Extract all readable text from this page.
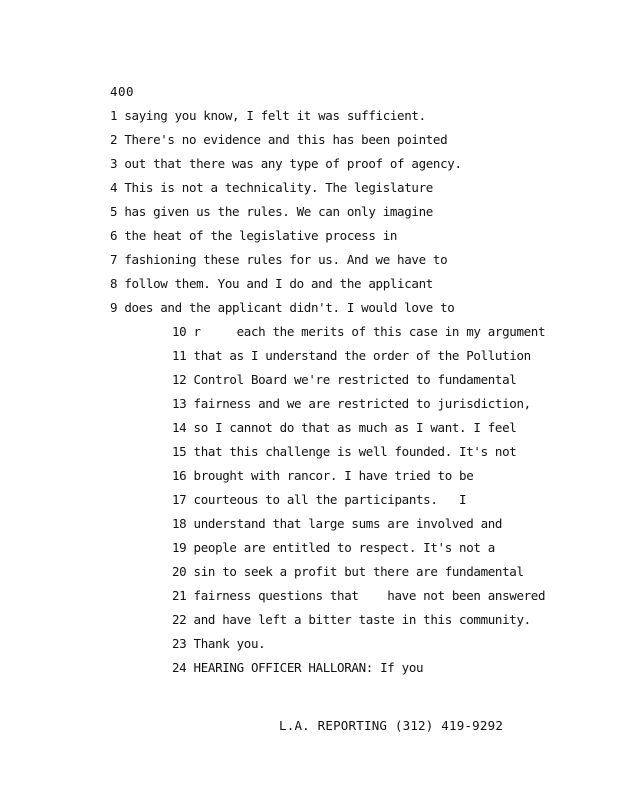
400
1 saying you know, I felt it was sufficient.
2 There's no evidence and this has been pointed
3 out that there was any type of proof of agency.
4 This is not a technicality. The legislature
5 has given us the rules. We can only imagine
6 the heat of the legislative process in
7 fashioning these rules for us. And we have to
8 follow them. You and I do and the applicant
9 does and the applicant didn't. I would love to
10 r     each the merits of this case in my argument
11 that as I understand the order of the Pollution
12 Control Board we're restricted to fundamental
13 fairness and we are restricted to jurisdiction,
14 so I cannot do that as much as I want. I feel
15 that this challenge is well founded. It's not
16 brought with rancor. I have tried to be
17 courteous to all the participants.   I
18 understand that large sums are involved and
19 people are entitled to respect. It's not a
20 sin to seek a profit but there are fundamental
21 fairness questions that    have not been answered
22 and have left a bitter taste in this community.
23 Thank you.
24 HEARING OFFICER HALLORAN: If you
L.A. REPORTING (312) 419-9292
